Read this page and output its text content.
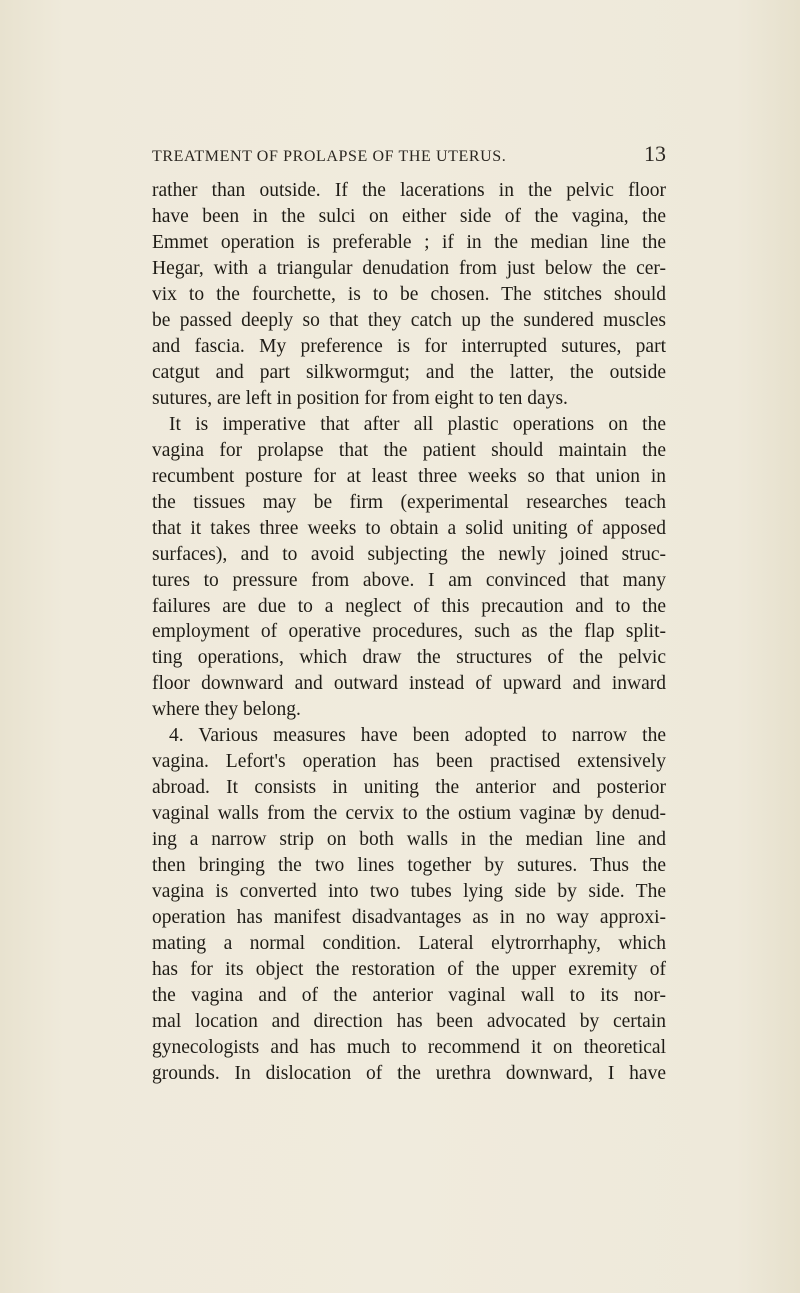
TREATMENT OF PROLAPSE OF THE UTERUS.	13
rather than outside. If the lacerations in the pelvic floor
have been in the sulci on either side of the vagina, the
Emmet operation is preferable ; if in the median line the
Hegar, with a triangular denudation from just below the cer-
vix to the fourchette, is to be chosen. The stitches should
be passed deeply so that they catch up the sundered muscles
and fascia. My preference is for interrupted sutures, part
catgut and part silkwormgut; and the latter, the outside
sutures, are left in position for from eight to ten days.
It is imperative that after all plastic operations on the
vagina for prolapse that the patient should maintain the
recumbent posture for at least three weeks so that union in
the tissues may be firm (experimental researches teach
that it takes three weeks to obtain a solid uniting of apposed
surfaces), and to avoid subjecting the newly joined struc-
tures to pressure from above. I am convinced that many
failures are due to a neglect of this precaution and to the
employment of operative procedures, such as the flap split-
ting operations, which draw the structures of the pelvic
floor downward and outward instead of upward and inward
where they belong.
4. Various measures have been adopted to narrow the
vagina. Lefort's operation has been practised extensively
abroad. It consists in uniting the anterior and posterior
vaginal walls from the cervix to the ostium vaginæ by denud-
ing a narrow strip on both walls in the median line and
then bringing the two lines together by sutures. Thus the
vagina is converted into two tubes lying side by side. The
operation has manifest disadvantages as in no way approxi-
mating a normal condition. Lateral elytrorrhaphy, which
has for its object the restoration of the upper exremity of
the vagina and of the anterior vaginal wall to its nor-
mal location and direction has been advocated by certain
gynecologists and has much to recommend it on theoretical
grounds. In dislocation of the urethra downward, I have
